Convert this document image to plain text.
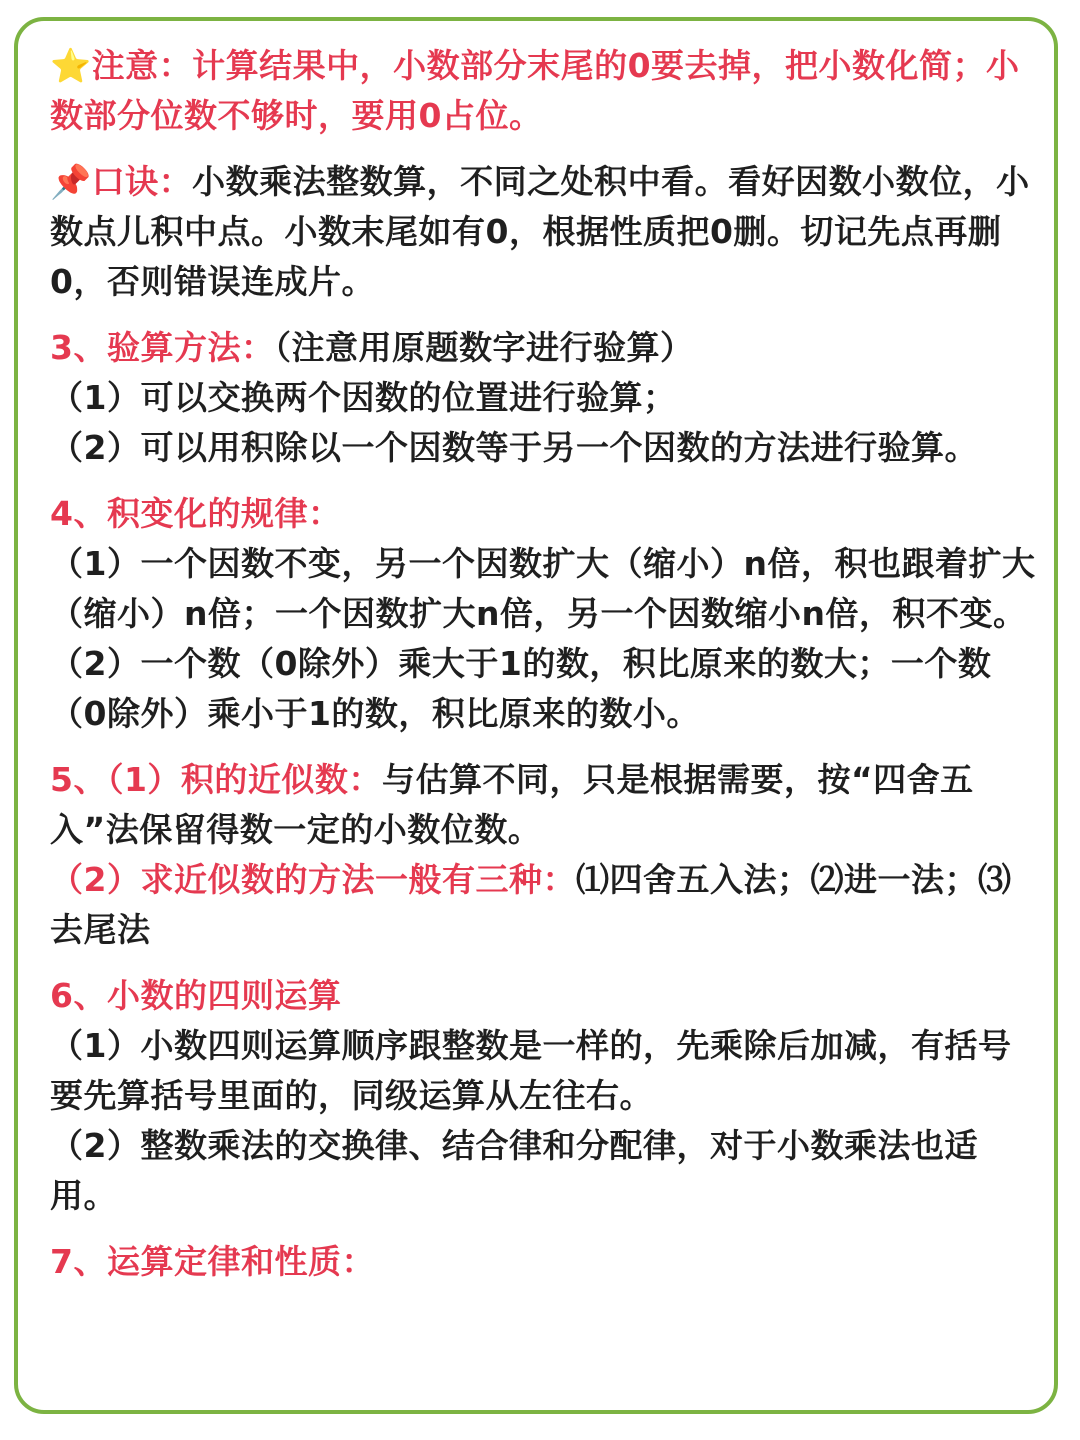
⭐注意：计算结果中，小数部分末尾的0要去掉，把小数化简；小数部分位数不够时，要用0占位。

📌口诀：小数乘法整数算，不同之处积中看。看好因数小数位，小数点儿积中点。小数末尾如有0，根据性质把0删。切记先点再删0，否则错误连成片。

3、验算方法：（注意用原题数字进行验算）

（1）可以交换两个因数的位置进行验算；

（2）可以用积除以一个因数等于另一个因数的方法进行验算。

4、积变化的规律：

（1）一个因数不变，另一个因数扩大（缩小）n倍，积也跟着扩大（缩小）n倍；一个因数扩大n倍，另一个因数缩小n倍，积不变。

（2）一个数（0除外）乘大于1的数，积比原来的数大；一个数（0除外）乘小于1的数，积比原来的数小。

5、（1）积的近似数：与估算不同，只是根据需要，按“四舍五入”法保留得数一定的小数位数。

（2）求近似数的方法一般有三种：⑴四舍五入法；⑵进一法；⑶去尾法

6、小数的四则运算

（1）小数四则运算顺序跟整数是一样的，先乘除后加减，有括号要先算括号里面的，同级运算从左往右。

（2）整数乘法的交换律、结合律和分配律，对于小数乘法也适用。

7、运算定律和性质：
